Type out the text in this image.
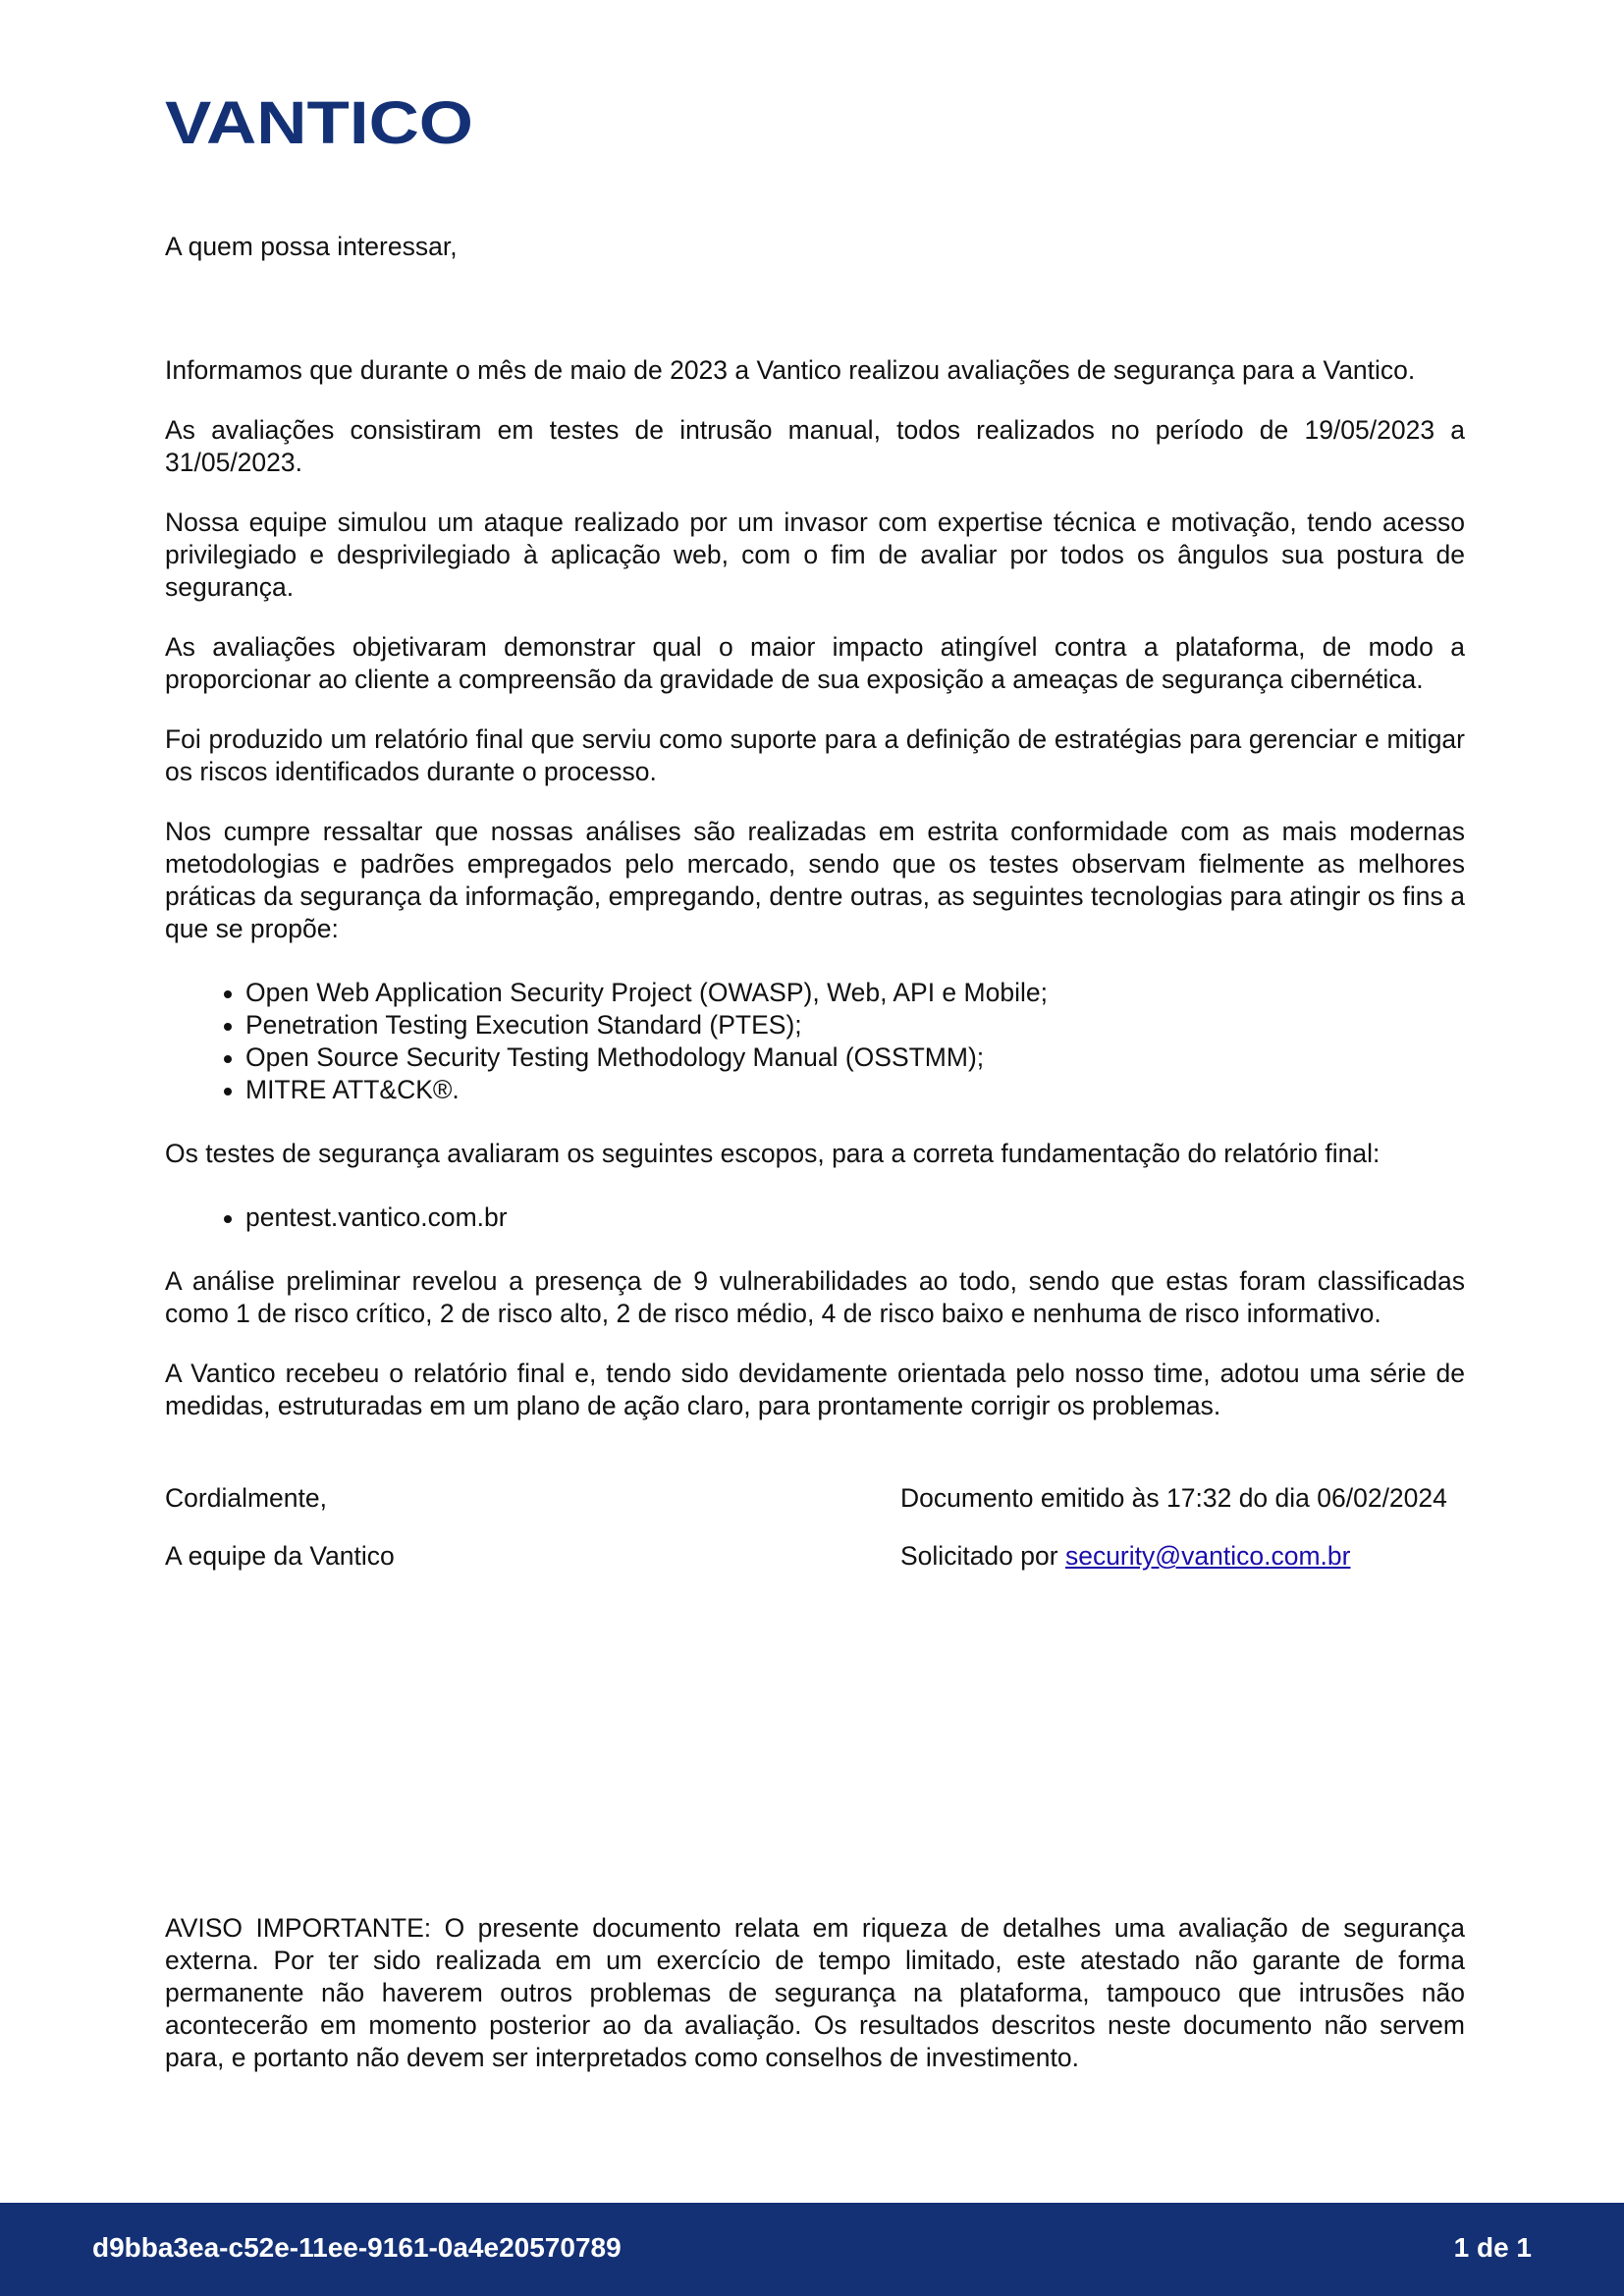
VANTICO

A quem possa interessar,

Informamos que durante o mês de maio de 2023 a Vantico realizou avaliações de segurança para a Vantico.

As avaliações consistiram em testes de intrusão manual, todos realizados no período de 19/05/2023 a 31/05/2023.

Nossa equipe simulou um ataque realizado por um invasor com expertise técnica e motivação, tendo acesso privilegiado e desprivilegiado à aplicação web, com o fim de avaliar por todos os ângulos sua postura de segurança.

As avaliações objetivaram demonstrar qual o maior impacto atingível contra a plataforma, de modo a proporcionar ao cliente a compreensão da gravidade de sua exposição a ameaças de segurança cibernética.

Foi produzido um relatório final que serviu como suporte para a definição de estratégias para gerenciar e mitigar os riscos identificados durante o processo.

Nos cumpre ressaltar que nossas análises são realizadas em estrita conformidade com as mais modernas metodologias e padrões empregados pelo mercado, sendo que os testes observam fielmente as melhores práticas da segurança da informação, empregando, dentre outras, as seguintes tecnologias para atingir os fins a que se propõe:

Open Web Application Security Project (OWASP), Web, API e Mobile;
Penetration Testing Execution Standard (PTES);
Open Source Security Testing Methodology Manual (OSSTMM);
MITRE ATT&CK®.

Os testes de segurança avaliaram os seguintes escopos, para a correta fundamentação do relatório final:

pentest.vantico.com.br

A análise preliminar revelou a presença de 9 vulnerabilidades ao todo, sendo que estas foram classificadas como 1 de risco crítico, 2 de risco alto, 2 de risco médio, 4 de risco baixo e nenhuma de risco informativo.

A Vantico recebeu o relatório final e, tendo sido devidamente orientada pelo nosso time, adotou uma série de medidas, estruturadas em um plano de ação claro, para prontamente corrigir os problemas.

Cordialmente,	Documento emitido às 17:32 do dia 06/02/2024
A equipe da Vantico	Solicitado por security@vantico.com.br

AVISO IMPORTANTE: O presente documento relata em riqueza de detalhes uma avaliação de segurança externa. Por ter sido realizada em um exercício de tempo limitado, este atestado não garante de forma permanente não haverem outros problemas de segurança na plataforma, tampouco que intrusões não acontecerão em momento posterior ao da avaliação. Os resultados descritos neste documento não servem para, e portanto não devem ser interpretados como conselhos de investimento.

d9bba3ea-c52e-11ee-9161-0a4e20570789	1 de 1
